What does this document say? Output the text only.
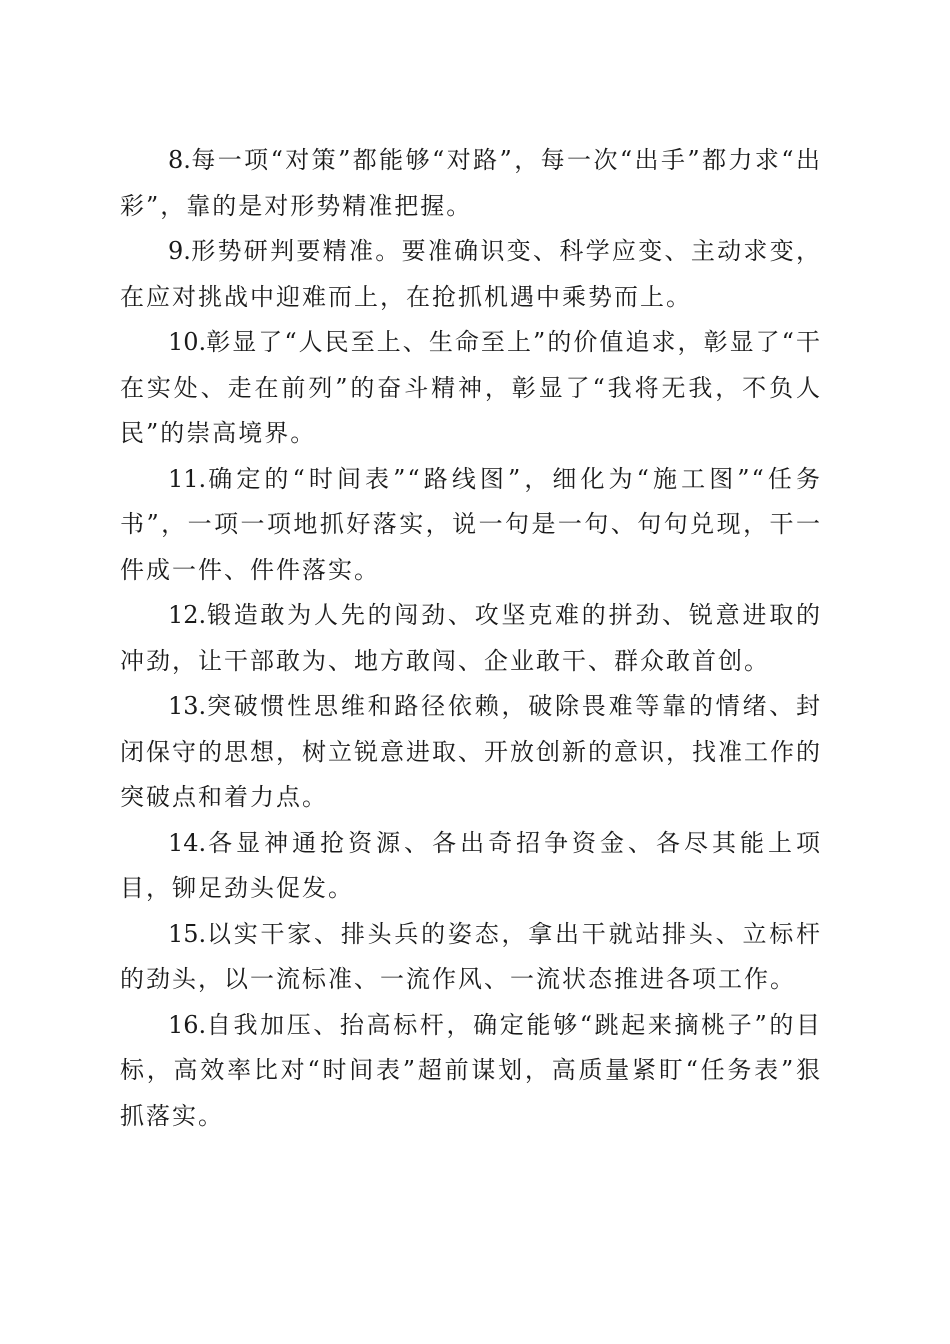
8.每一项“对策”都能够“对路”，每一次“出手”都力求“出彩”，靠的是对形势精准把握。

9.形势研判要精准。要准确识变、科学应变、主动求变，在应对挑战中迎难而上，在抢抓机遇中乘势而上。

10.彰显了“人民至上、生命至上”的价值追求，彰显了“干在实处、走在前列”的奋斗精神，彰显了“我将无我，不负人民”的崇高境界。

11.确定的“时间表”“路线图”，细化为“施工图”“任务书”，一项一项地抓好落实，说一句是一句、句句兑现，干一件成一件、件件落实。

12.锻造敢为人先的闯劲、攻坚克难的拼劲、锐意进取的冲劲，让干部敢为、地方敢闯、企业敢干、群众敢首创。

13.突破惯性思维和路径依赖，破除畏难等靠的情绪、封闭保守的思想，树立锐意进取、开放创新的意识，找准工作的突破点和着力点。

14.各显神通抢资源、各出奇招争资金、各尽其能上项目，铆足劲头促发。

15.以实干家、排头兵的姿态，拿出干就站排头、立标杆的劲头，以一流标准、一流作风、一流状态推进各项工作。

16.自我加压、抬高标杆，确定能够“跳起来摘桃子”的目标，高效率比对“时间表”超前谋划，高质量紧盯“任务表”狠抓落实。
